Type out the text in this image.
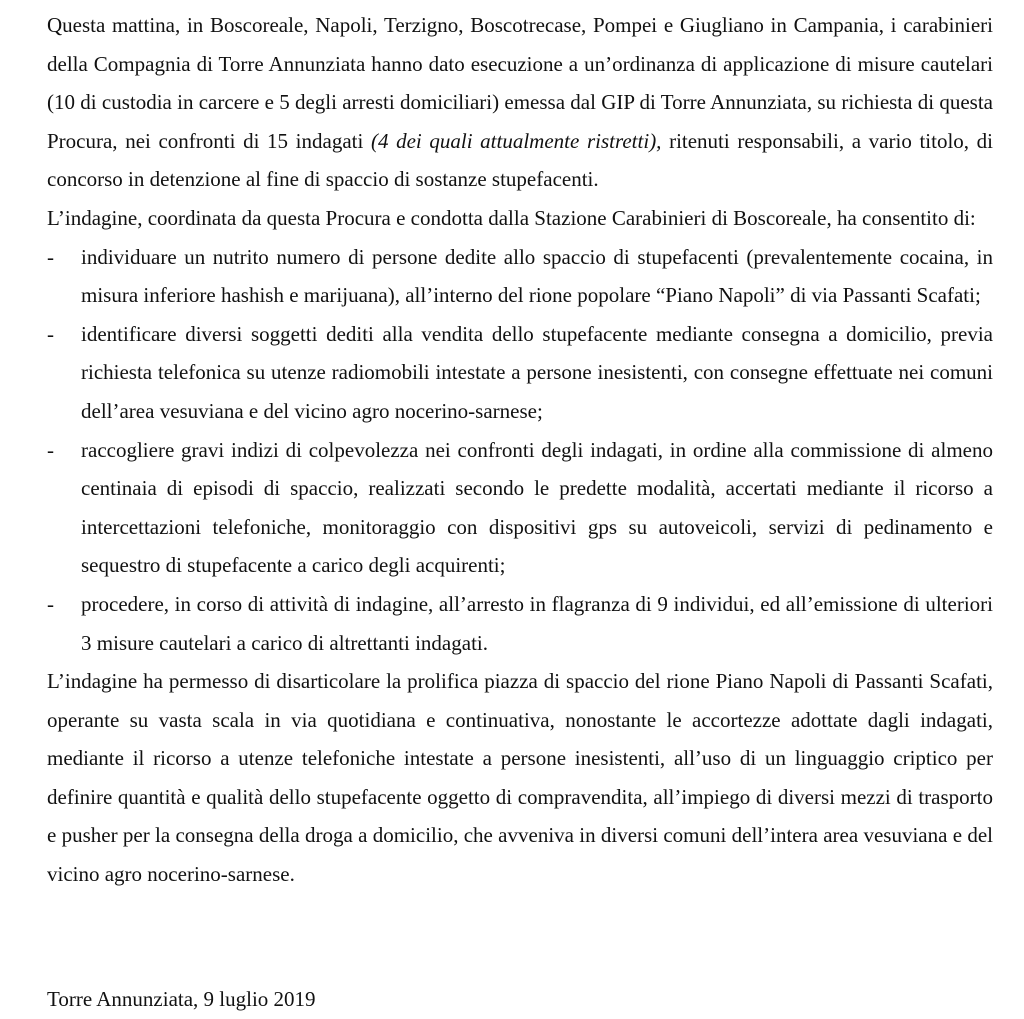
Questa mattina, in Boscoreale, Napoli, Terzigno, Boscotrecase, Pompei e Giugliano in Campania, i carabinieri della Compagnia di Torre Annunziata hanno dato esecuzione a un’ordinanza di applicazione di misure cautelari (10 di custodia in carcere e 5 degli arresti domiciliari) emessa dal GIP di Torre Annunziata, su richiesta di questa Procura, nei confronti di 15 indagati (4 dei quali attualmente ristretti), ritenuti responsabili, a vario titolo, di concorso in detenzione al fine di spaccio di sostanze stupefacenti.

L’indagine, coordinata da questa Procura e condotta dalla Stazione Carabinieri di Boscoreale, ha consentito di:

- individuare un nutrito numero di persone dedite allo spaccio di stupefacenti (prevalentemente cocaina, in misura inferiore hashish e marijuana), all’interno del rione popolare “Piano Napoli” di via Passanti Scafati;
- identificare diversi soggetti dediti alla vendita dello stupefacente mediante consegna a domicilio, previa richiesta telefonica su utenze radiomobili intestate a persone inesistenti, con consegne effettuate nei comuni dell’area vesuviana e del vicino agro nocerino-sarnese;
- raccogliere gravi indizi di colpevolezza nei confronti degli indagati, in ordine alla commissione di almeno centinaia di episodi di spaccio, realizzati secondo le predette modalità, accertati mediante il ricorso a intercettazioni telefoniche, monitoraggio con dispositivi gps su autoveicoli, servizi di pedinamento e sequestro di stupefacente a carico degli acquirenti;
- procedere, in corso di attività di indagine, all’arresto in flagranza di 9 individui, ed all’emissione di ulteriori 3 misure cautelari a carico di altrettanti indagati.

L’indagine ha permesso di disarticolare la prolifica piazza di spaccio del rione Piano Napoli di Passanti Scafati, operante su vasta scala in via quotidiana e continuativa, nonostante le accortezze adottate dagli indagati, mediante il ricorso a utenze telefoniche intestate a persone inesistenti, all’uso di un linguaggio criptico per definire quantità e qualità dello stupefacente oggetto di compravendita, all’impiego di diversi mezzi di trasporto e pusher per la consegna della droga a domicilio, che avveniva in diversi comuni dell’intera area vesuviana e del vicino agro nocerino-sarnese.

Torre Annunziata, 9 luglio 2019
